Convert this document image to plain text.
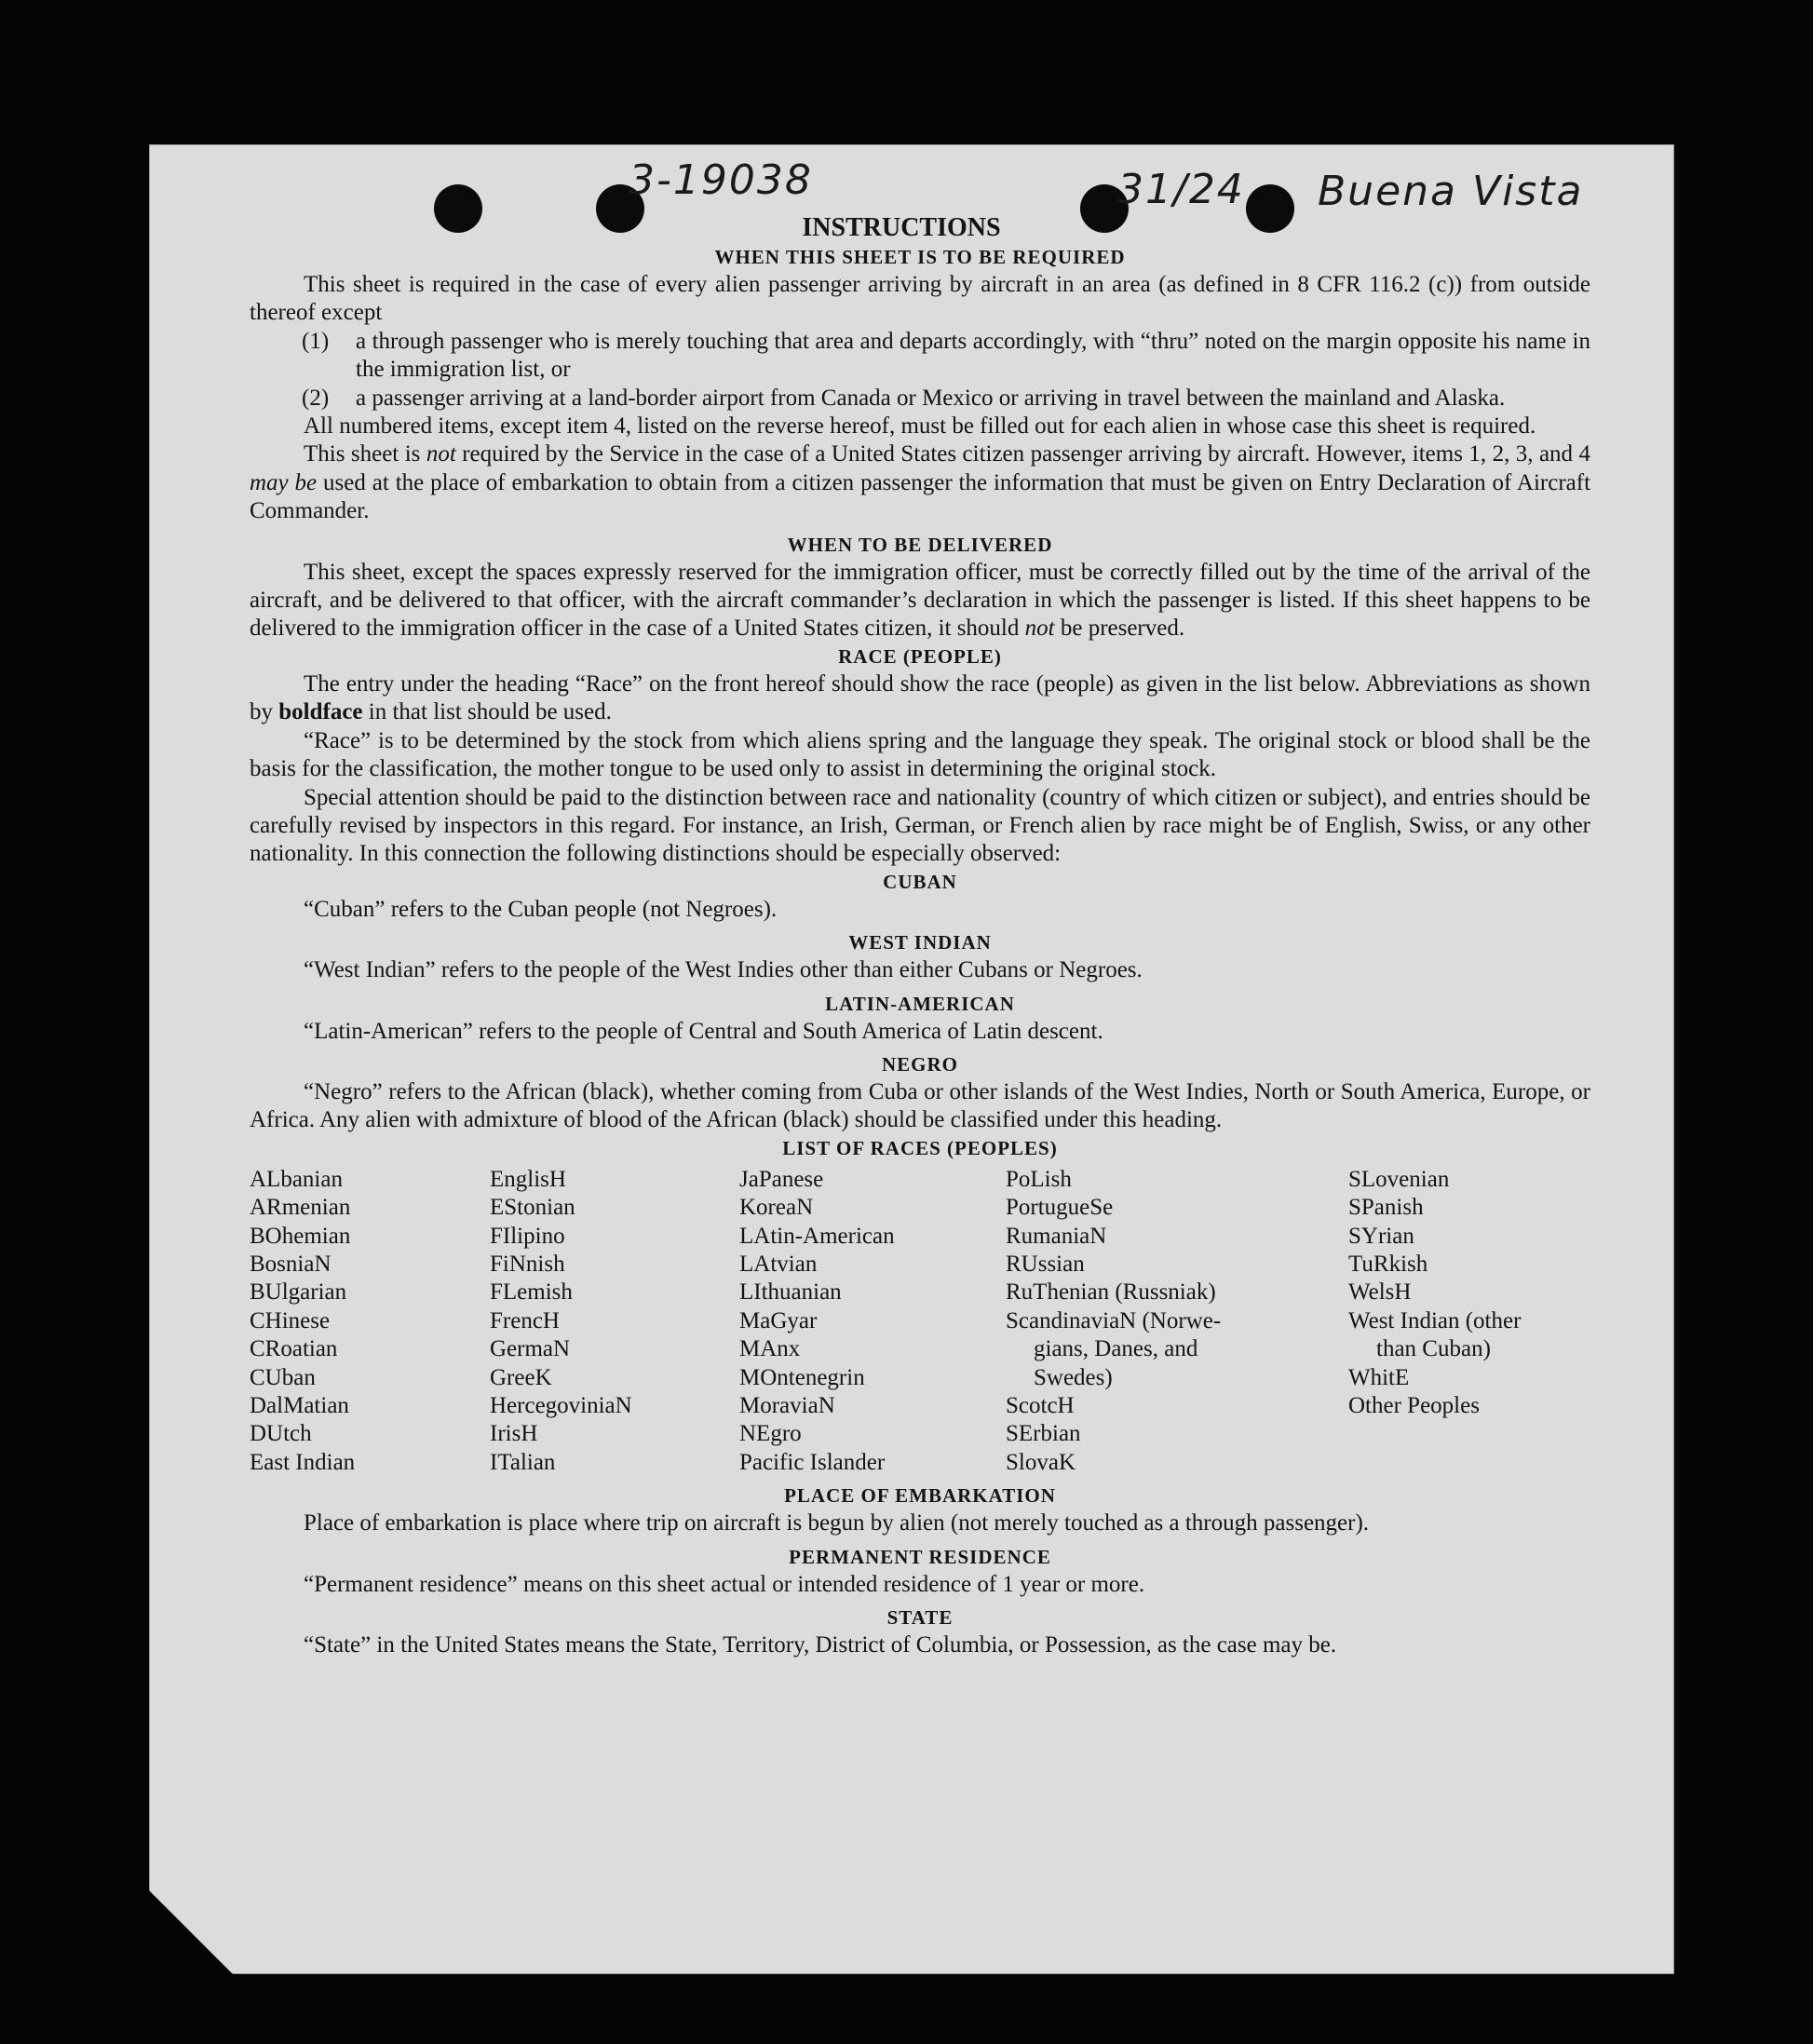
3-19038	31/24 Buena Vista
INSTRUCTIONS
WHEN THIS SHEET IS TO BE REQUIRED

This sheet is required in the case of every alien passenger arriving by aircraft in an area (as defined in 8 CFR 116.2 (c)) from outside thereof except

(1) a through passenger who is merely touching that area and departs accordingly, with “thru” noted on the margin opposite his name in the immigration list, or

(2) a passenger arriving at a land-border airport from Canada or Mexico or arriving in travel between the mainland and Alaska.

All numbered items, except item 4, listed on the reverse hereof, must be filled out for each alien in whose case this sheet is required.

This sheet is not required by the Service in the case of a United States citizen passenger arriving by aircraft. However, items 1, 2, 3, and 4 may be used at the place of embarkation to obtain from a citizen passenger the information that must be given on Entry Declaration of Aircraft Commander.

WHEN TO BE DELIVERED

This sheet, except the spaces expressly reserved for the immigration officer, must be correctly filled out by the time of the arrival of the aircraft, and be delivered to that officer, with the aircraft commander’s declaration in which the passenger is listed. If this sheet happens to be delivered to the immigration officer in the case of a United States citizen, it should not be preserved.

RACE (PEOPLE)

The entry under the heading “Race” on the front hereof should show the race (people) as given in the list below. Abbreviations as shown by boldface in that list should be used.

“Race” is to be determined by the stock from which aliens spring and the language they speak. The original stock or blood shall be the basis for the classification, the mother tongue to be used only to assist in determining the original stock.

Special attention should be paid to the distinction between race and nationality (country of which citizen or subject), and entries should be carefully revised by inspectors in this regard. For instance, an Irish, German, or French alien by race might be of English, Swiss, or any other nationality. In this connection the following distinctions should be especially observed:

CUBAN

“Cuban” refers to the Cuban people (not Negroes).

WEST INDIAN

“West Indian” refers to the people of the West Indies other than either Cubans or Negroes.

LATIN-AMERICAN

“Latin-American” refers to the people of Central and South America of Latin descent.

NEGRO

“Negro” refers to the African (black), whether coming from Cuba or other islands of the West Indies, North or South America, Europe, or Africa. Any alien with admixture of blood of the African (black) should be classified under this heading.

LIST OF RACES (PEOPLES)
ALbanian
ARmenian
BOhemian
BosniaN
BUlgarian
CHinese
CRoatian
CUban
DalMatian
DUtch
East Indian
EnglisH
EStonian
FIlipino
FiNnish
FLemish
FrencH
GermaN
GreeK
HercegoviniaN
IrisH
ITalian
JaPanese
KoreaN
LAtin-American
LAtvian
LIthuanian
MaGyar
MAnx
MOntenegrin
MoraviaN
NEgro
Pacific Islander
PoLish
PortugueSe
RumaniaN
RUssian
RuThenian (Russniak)
ScandinaviaN (Norwe-
gians, Danes, and
Swedes)
ScotcH
SErbian
SlovaK
SLovenian
SPanish
SYrian
TuRkish
WelsH
West Indian (other
than Cuban)
WhitE
Other Peoples
PLACE OF EMBARKATION

Place of embarkation is place where trip on aircraft is begun by alien (not merely touched as a through passenger).

PERMANENT RESIDENCE

“Permanent residence” means on this sheet actual or intended residence of 1 year or more.

STATE

“State” in the United States means the State, Territory, District of Columbia, or Possession, as the case may be.
